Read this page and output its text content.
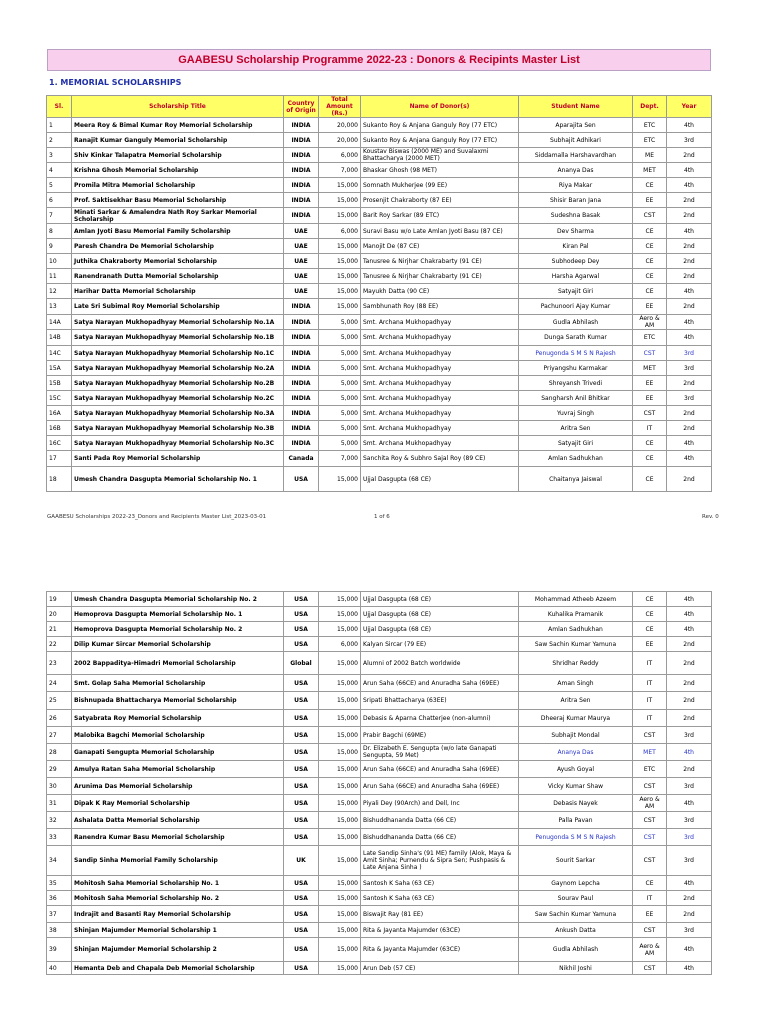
GAABESU Scholarship Programme 2022-23 : Donors & Recipints Master List
1. MEMORIAL SCHOLARSHIPS
Sl.	Scholarship Title	Country of Origin	Total Amount (Rs.)	Name of Donor(s)	Student Name	Dept.	Year
1	Meera Roy & Bimal Kumar Roy Memorial Scholarship	INDIA	20,000	Sukanto Roy & Anjana Ganguly Roy (77 ETC)	Aparajita Sen	ETC	4th
2	Ranajit Kumar Ganguly Memorial Scholarship	INDIA	20,000	Sukanto Roy & Anjana Ganguly Roy (77 ETC)	Subhajit Adhikari	ETC	3rd
3	Shiv Kinkar Talapatra Memorial Scholarship	INDIA	6,000	Koustav Biswas (2000 ME) and Suvalaxmi Bhattacharya (2000 MET)	Siddamalla Harshavardhan	ME	2nd
4	Krishna Ghosh Memorial Scholarship	INDIA	7,000	Bhaskar Ghosh (98 MET)	Ananya Das	MET	4th
5	Promila Mitra Memorial Scholarship	INDIA	15,000	Somnath Mukherjee (99 EE)	Riya Makar	CE	4th
6	Prof. Saktisekhar Basu Memorial Scholarship	INDIA	15,000	Prosenjit Chakraborty (87 EE)	Shisir Baran Jana	EE	2nd
7	Minati Sarkar & Amalendra Nath Roy Sarkar Memorial Scholarship	INDIA	15,000	Barit Roy Sarkar (89 ETC)	Sudeshna Basak	CST	2nd
8	Amlan Jyoti Basu Memorial Family Scholarship	UAE	6,000	Suravi Basu w/o Late Amlan Jyoti Basu (87 CE)	Dev Sharma	CE	4th
9	Paresh Chandra De Memorial Scholarship	UAE	15,000	Manojit De (87 CE)	Kiran Pal	CE	2nd
10	Juthika Chakraborty Memorial Scholarship	UAE	15,000	Tanusree & Nirjhar Chakrabarty (91 CE)	Subhodeep Dey	CE	2nd
11	Ranendranath Dutta Memorial Scholarship	UAE	15,000	Tanusree & Nirjhar Chakrabarty (91 CE)	Harsha Agarwal	CE	2nd
12	Harihar Datta Memorial Scholarship	UAE	15,000	Mayukh Datta (90 CE)	Satyajit Giri	CE	4th
13	Late Sri Subimal Roy Memorial Scholarship	INDIA	15,000	Sambhunath Roy (88 EE)	Pachunoori Ajay Kumar	EE	2nd
14A	Satya Narayan Mukhopadhyay Memorial Scholarship No.1A	INDIA	5,000	Smt. Archana Mukhopadhyay	Gudla Abhilash	Aero & AM	4th
14B	Satya Narayan Mukhopadhyay Memorial Scholarship No.1B	INDIA	5,000	Smt. Archana Mukhopadhyay	Dunga Sarath Kumar	ETC	4th
14C	Satya Narayan Mukhopadhyay Memorial Scholarship No.1C	INDIA	5,000	Smt. Archana Mukhopadhyay	Penugonda S M S N Rajesh	CST	3rd
15A	Satya Narayan Mukhopadhyay Memorial Scholarship No.2A	INDIA	5,000	Smt. Archana Mukhopadhyay	Priyangshu Karmakar	MET	3rd
15B	Satya Narayan Mukhopadhyay Memorial Scholarship No.2B	INDIA	5,000	Smt. Archana Mukhopadhyay	Shreyansh Trivedi	EE	2nd
15C	Satya Narayan Mukhopadhyay Memorial Scholarship No.2C	INDIA	5,000	Smt. Archana Mukhopadhyay	Sangharsh Anil Bhitkar	EE	3rd
16A	Satya Narayan Mukhopadhyay Memorial Scholarship No.3A	INDIA	5,000	Smt. Archana Mukhopadhyay	Yuvraj Singh	CST	2nd
16B	Satya Narayan Mukhopadhyay Memorial Scholarship No.3B	INDIA	5,000	Smt. Archana Mukhopadhyay	Aritra Sen	IT	2nd
16C	Satya Narayan Mukhopadhyay Memorial Scholarship No.3C	INDIA	5,000	Smt. Archana Mukhopadhyay	Satyajit Giri	CE	4th
17	Santi Pada Roy Memorial Scholarship	Canada	7,000	Sanchita Roy & Subhro Sajal Roy (89 CE)	Amlan Sadhukhan	CE	4th
18	Umesh Chandra Dasgupta Memorial Scholarship No. 1	USA	15,000	Ujjal Dasgupta (68 CE)	Chaitanya Jaiswal	CE	2nd
GAABESU Scholarships 2022-23_Donors and Recipients Master List_2023-03-01	1 of 6	Rev. 0
19	Umesh Chandra Dasgupta Memorial Scholarship No. 2	USA	15,000	Ujjal Dasgupta (68 CE)	Mohammad Atheeb Azeem	CE	4th
20	Hemoprova Dasgupta Memorial Scholarship No. 1	USA	15,000	Ujjal Dasgupta (68 CE)	Kuhalika Pramanik	CE	4th
21	Hemoprova Dasgupta Memorial Scholarship No. 2	USA	15,000	Ujjal Dasgupta (68 CE)	Amlan Sadhukhan	CE	4th
22	Dilip Kumar Sircar Memorial Scholarship	USA	6,000	Kalyan Sircar (79 EE)	Saw Sachin Kumar Yamuna	EE	2nd
23	2002 Bappaditya-Himadri Memorial Scholarship	Global	15,000	Alumni of 2002 Batch worldwide	Shridhar Reddy	IT	2nd
24	Smt. Golap Saha Memorial Scholarship	USA	15,000	Arun Saha (66CE) and Anuradha Saha (69EE)	Aman Singh	IT	2nd
25	Bishnupada Bhattacharya Memorial Scholarship	USA	15,000	Sripati Bhattacharya (63EE)	Aritra Sen	IT	2nd
26	Satyabrata Roy Memorial Scholarship	USA	15,000	Debasis & Aparna Chatterjee (non-alumni)	Dheeraj Kumar Maurya	IT	2nd
27	Malobika Bagchi Memorial Scholarship	USA	15,000	Prabir Bagchi (69ME)	Subhajit Mondal	CST	3rd
28	Ganapati Sengupta Memorial Scholarship	USA	15,000	Dr. Elizabeth E. Sengupta (w/o late Ganapati Sengupta, 59 Met)	Ananya Das	MET	4th
29	Amulya Ratan Saha Memorial Scholarship	USA	15,000	Arun Saha (66CE) and Anuradha Saha (69EE)	Ayush Goyal	ETC	2nd
30	Arunima Das Memorial Scholarship	USA	15,000	Arun Saha (66CE) and Anuradha Saha (69EE)	Vicky Kumar Shaw	CST	3rd
31	Dipak K Ray Memorial Scholarship	USA	15,000	Piyali Dey (90Arch) and Dell, Inc	Debasis Nayek	Aero & AM	4th
32	Ashalata Datta Memorial Scholarship	USA	15,000	Bishuddhananda Datta (66 CE)	Palla Pavan	CST	3rd
33	Ranendra Kumar Basu Memorial Scholarship	USA	15,000	Bishuddhananda Datta (66 CE)	Penugonda S M S N Rajesh	CST	3rd
34	Sandip Sinha Memorial Family Scholarship	UK	15,000	Late Sandip Sinha's (91 ME) family (Alok, Maya & Amit Sinha; Purnendu & Sipra Sen; Pushpasis & Late Anjana Sinha )	Sourit Sarkar	CST	3rd
35	Mohitosh Saha Memorial Scholarship No. 1	USA	15,000	Santosh K Saha (63 CE)	Gaynom Lepcha	CE	4th
36	Mohitosh Saha Memorial Scholarship No. 2	USA	15,000	Santosh K Saha (63 CE)	Sourav Paul	IT	2nd
37	Indrajit and Basanti Ray Memorial Scholarship	USA	15,000	Biswajit Ray (81 EE)	Saw Sachin Kumar Yamuna	EE	2nd
38	Shinjan Majumder Memorial Scholarship 1	USA	15,000	Rita & Jayanta Majumder (63CE)	Ankush Datta	CST	3rd
39	Shinjan Majumder Memorial Scholarship 2	USA	15,000	Rita & Jayanta Majumder (63CE)	Gudla Abhilash	Aero & AM	4th
40	Hemanta Deb and Chapala Deb Memorial Scholarship	USA	15,000	Arun Deb (57 CE)	Nikhil Joshi	CST	4th
